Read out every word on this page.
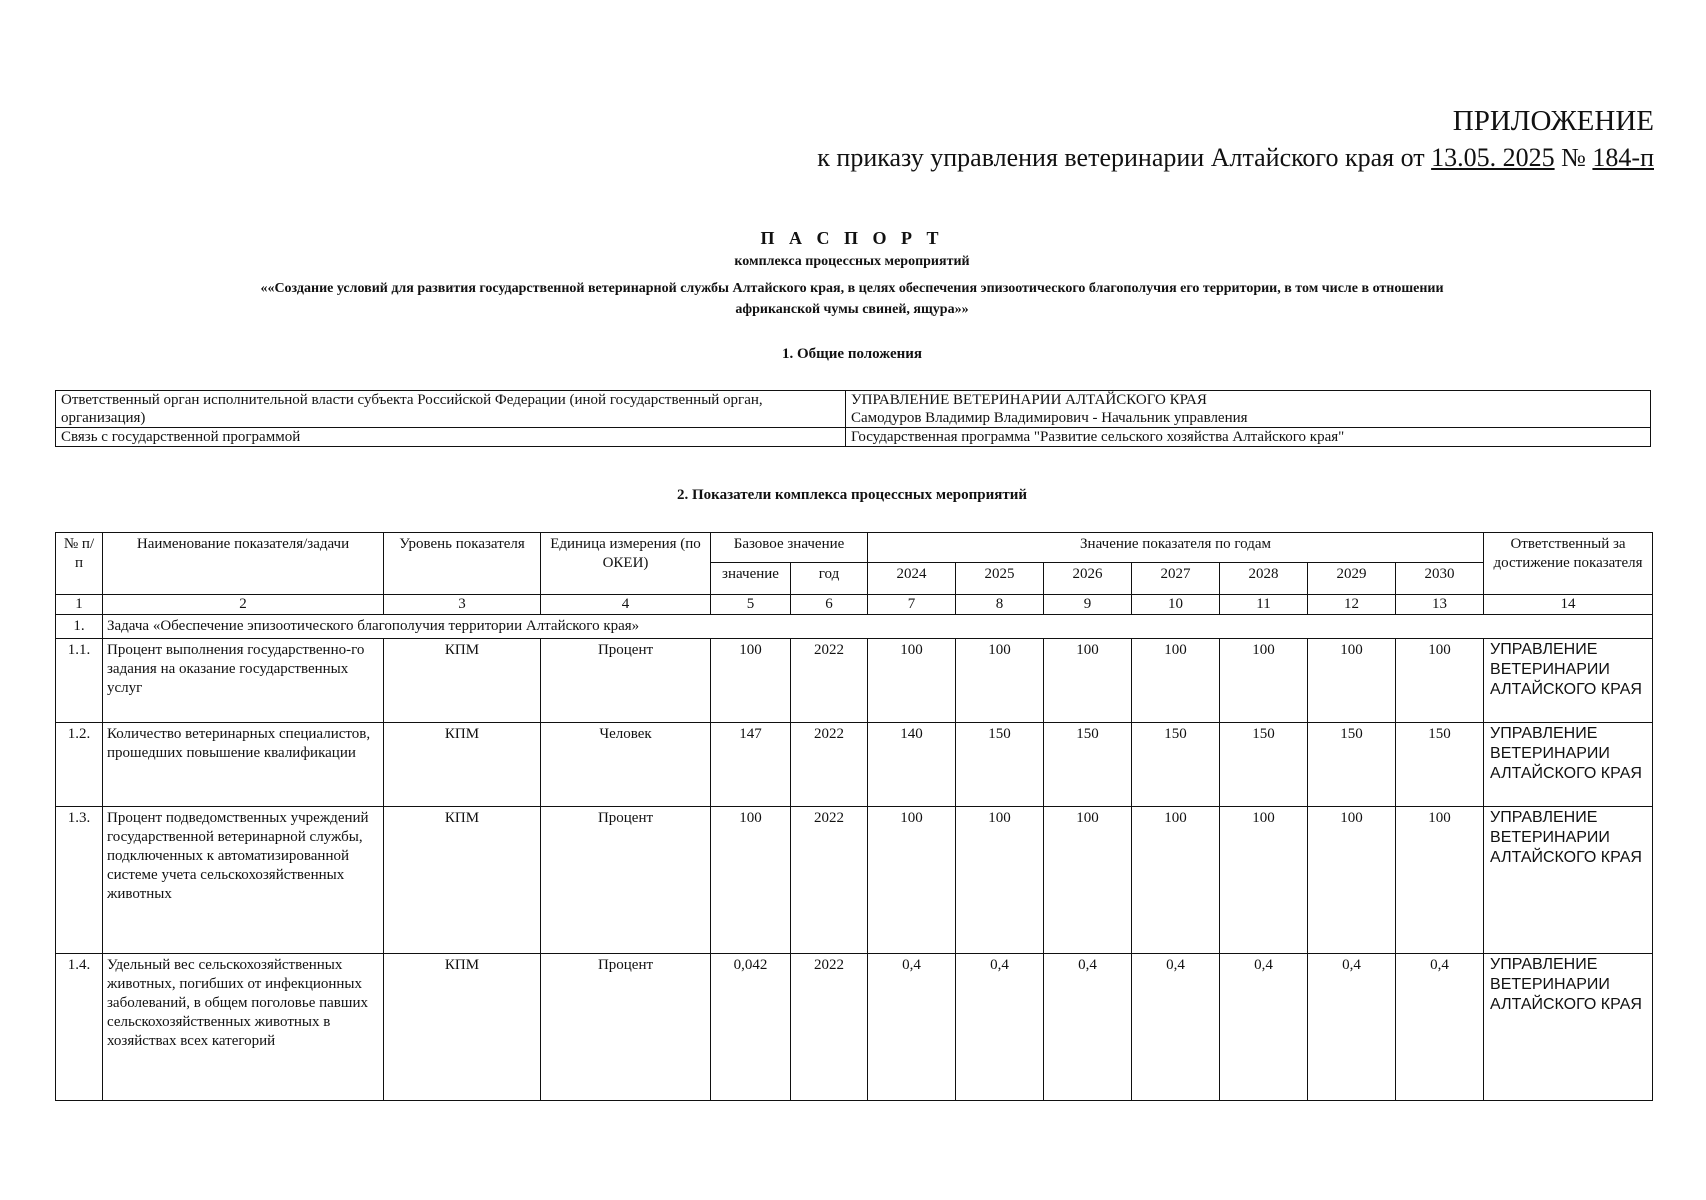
ПРИЛОЖЕНИЕ
к приказу управления ветеринарии Алтайского края от 13.05. 2025 № 184-п
П А С П О Р Т
комплекса процессных мероприятий
««Создание условий для развития государственной ветеринарной службы Алтайского края, в целях обеспечения эпизоотического благополучия его территории, в том числе в отношении
африканской чумы свиней, ящура»»
1. Общие положения
Ответственный орган исполнительной власти субъекта Российской Федерации (иной государственный орган, организация)	УПРАВЛЕНИЕ ВЕТЕРИНАРИИ АЛТАЙСКОГО КРАЯ
Самодуров Владимир Владимирович - Начальник управления

Связь с государственной программой	Государственная программа "Развитие сельского хозяйства Алтайского края"
2. Показатели комплекса процессных мероприятий
№ п/п	Наименование показателя/задачи	Уровень показателя	Единица измерения (по ОКЕИ)	Базовое значение		Значение показателя по годам							Ответственный за достижение показателя
				значение	год	2024	2025	2026	2027	2028	2029	2030	
1	2	3	4	5	6	7	8	9	10	11	12	13	14
1.	Задача «Обеспечение эпизоотического благополучия территории Алтайского края»												
1.1.	Процент выполнения государственно-го задания на оказание государственных услуг	КПМ	Процент	100	2022	100	100	100	100	100	100	100	УПРАВЛЕНИЕ ВЕТЕРИНАРИИ АЛТАЙСКОГО КРАЯ
1.2.	Количество ветеринарных специалистов, прошедших повышение квалификации	КПМ	Человек	147	2022	140	150	150	150	150	150	150	УПРАВЛЕНИЕ ВЕТЕРИНАРИИ АЛТАЙСКОГО КРАЯ
1.3.	Процент подведомственных учреждений государственной ветеринарной службы, подключенных к автоматизированной системе учета сельскохозяйственных животных	КПМ	Процент	100	2022	100	100	100	100	100	100	100	УПРАВЛЕНИЕ ВЕТЕРИНАРИИ АЛТАЙСКОГО КРАЯ
1.4.	Удельный вес сельскохозяйственных животных, погибших от инфекционных заболеваний, в общем поголовье павших сельскохозяйственных животных в хозяйствах всех категорий	КПМ	Процент	0,042	2022	0,4	0,4	0,4	0,4	0,4	0,4	0,4	УПРАВЛЕНИЕ ВЕТЕРИНАРИИ АЛТАЙСКОГО КРАЯ
